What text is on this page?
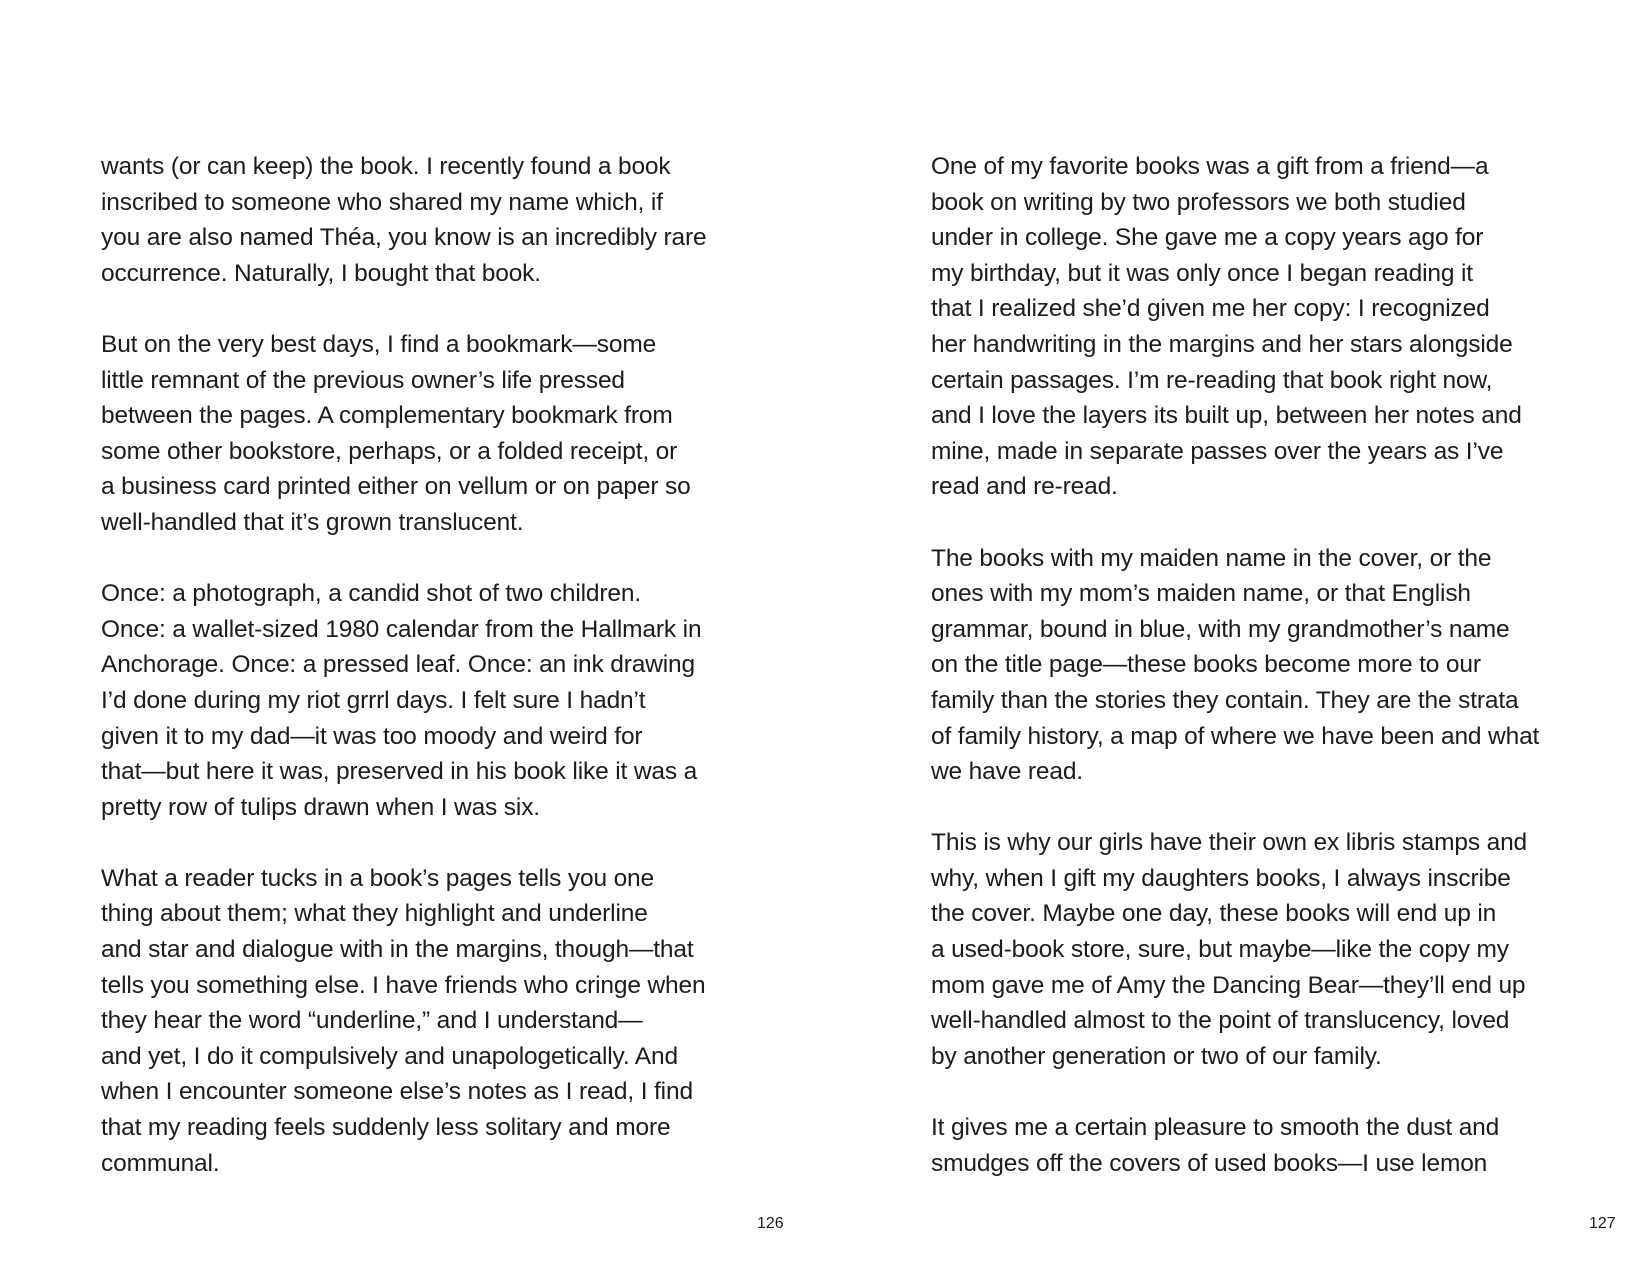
wants (or can keep) the book. I recently found a book
inscribed to someone who shared my name which, if
you are also named Théa, you know is an incredibly rare
occurrence. Naturally, I bought that book.
But on the very best days, I find a bookmark—some
little remnant of the previous owner’s life pressed
between the pages. A complementary bookmark from
some other bookstore, perhaps, or a folded receipt, or
a business card printed either on vellum or on paper so
well-handled that it’s grown translucent.
Once: a photograph, a candid shot of two children.
Once: a wallet-sized 1980 calendar from the Hallmark in
Anchorage. Once: a pressed leaf. Once: an ink drawing
I’d done during my riot grrrl days. I felt sure I hadn’t
given it to my dad—it was too moody and weird for
that—but here it was, preserved in his book like it was a
pretty row of tulips drawn when I was six.
What a reader tucks in a book’s pages tells you one
thing about them; what they highlight and underline
and star and dialogue with in the margins, though—that
tells you something else. I have friends who cringe when
they hear the word “underline,” and I understand—
and yet, I do it compulsively and unapologetically. And
when I encounter someone else’s notes as I read, I find
that my reading feels suddenly less solitary and more
communal.
126
One of my favorite books was a gift from a friend—a
book on writing by two professors we both studied
under in college. She gave me a copy years ago for
my birthday, but it was only once I began reading it
that I realized she’d given me her copy: I recognized
her handwriting in the margins and her stars alongside
certain passages. I’m re-reading that book right now,
and I love the layers its built up, between her notes and
mine, made in separate passes over the years as I’ve
read and re-read.
The books with my maiden name in the cover, or the
ones with my mom’s maiden name, or that English
grammar, bound in blue, with my grandmother’s name
on the title page—these books become more to our
family than the stories they contain. They are the strata
of family history, a map of where we have been and what
we have read.
This is why our girls have their own ex libris stamps and
why, when I gift my daughters books, I always inscribe
the cover. Maybe one day, these books will end up in
a used-book store, sure, but maybe—like the copy my
mom gave me of Amy the Dancing Bear—they’ll end up
well-handled almost to the point of translucency, loved
by another generation or two of our family.
It gives me a certain pleasure to smooth the dust and
smudges off the covers of used books—I use lemon
127
